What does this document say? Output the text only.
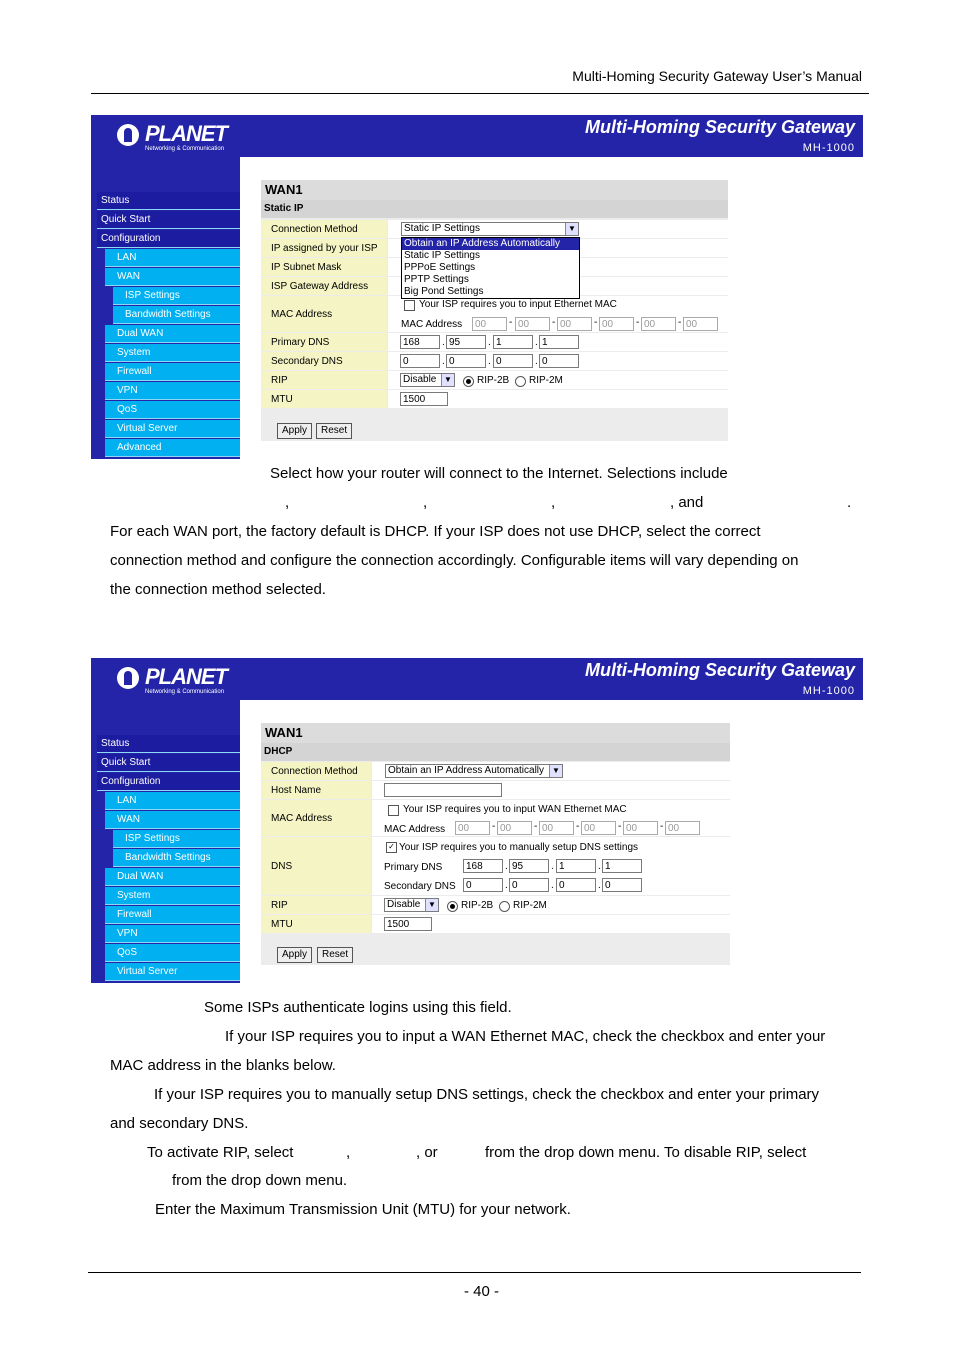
Multi-Homing Security Gateway User’s Manual
PLANET
Networking & Communication
Multi-Homing Security Gateway
MH-1000
Status
Quick Start
Configuration
LAN
WAN
ISP Settings
Bandwidth Settings
Dual WAN
System
Firewall
VPN
QoS
Virtual Server
Advanced
WAN1
Static IP
Connection Method	Static IP Settings	▼
IP assigned by your ISP
IP Subnet Mask
ISP Gateway Address
MAC Address
Your ISP requires you to input Ethernet MAC
MAC Address	00	- 00	- 00	- 00	- 00	- 00
Primary DNS	168	. 95	. 1	. 1
Secondary DNS	0	. 0	. 0	. 0
RIP	Disable ▼	RIP-2B RIP-2M
MTU	1500
Apply	Reset
Obtain an IP Address Automatically
Static IP Settings
PPPoE Settings
PPTP Settings
Big Pond Settings
Select how your router will connect to the Internet. Selections include
,	,	,	, and	.
For each WAN port, the factory default is DHCP. If your ISP does not use DHCP, select the correct
connection method and configure the connection accordingly. Configurable items will vary depending on
the connection method selected.
PLANET
Networking & Communication
Multi-Homing Security Gateway
MH-1000
Status
Quick Start
Configuration
LAN
WAN
ISP Settings
Bandwidth Settings
Dual WAN
System
Firewall
VPN
QoS
Virtual Server
WAN1
DHCP
Connection Method	Obtain an IP Address Automatically	▼
Host Name
MAC Address
Your ISP requires you to input WAN Ethernet MAC
MAC Address	00	- 00	- 00	- 00	- 00	- 00
DNS
✓ Your ISP requires you to manually setup DNS settings
Primary DNS	168	. 95	. 1	. 1
Secondary DNS	0	. 0	. 0	. 0
RIP	Disable ▼	RIP-2B RIP-2M
MTU	1500
Apply	Reset
Some ISPs authenticate logins using this field.
If your ISP requires you to input a WAN Ethernet MAC, check the checkbox and enter your
MAC address in the blanks below.
If your ISP requires you to manually setup DNS settings, check the checkbox and enter your primary
and secondary DNS.
To activate RIP, select	,	, or	from the drop down menu. To disable RIP, select
from the drop down menu.
Enter the Maximum Transmission Unit (MTU) for your network.
- 40 -
